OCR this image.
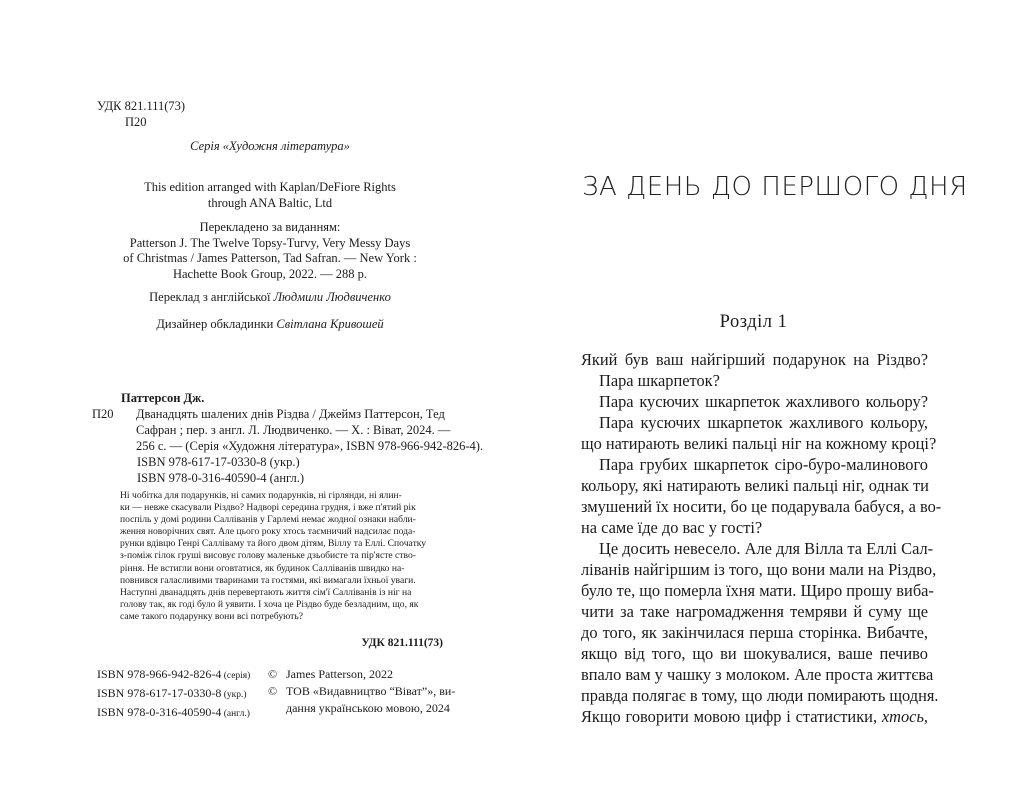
УДК 821.111(73)
П20
Серія «Художня література»
This edition arranged with Kaplan/DeFiore Rights
through ANA Baltic, Ltd
Перекладено за виданням:
Patterson J. The Twelve Topsy-Turvy, Very Messy Days
of Christmas / James Patterson, Tad Safran. — New York :
Hachette Book Group, 2022. — 288 p.
Переклад з англійської Людмили Людвиченко
Дизайнер обкладинки Світлана Кривошей
Паттерсон Дж.
П20	Дванадцять шалених днів Різдва / Джеймз Паттерсон, Тед
Сафран ; пер. з англ. Л. Людвиченко. — Х. : Віват, 2024. —
256 с. — (Серія «Художня література», ISBN 978-966-942-826-4).
ISBN 978-617-17-0330-8 (укр.)
ISBN 978-0-316-40590-4 (англ.)
Ні чобітка для подарунків, ні самих подарунків, ні гірлянди, ні ялин-
ки — невже скасували Різдво? Надворі середина грудня, і вже п'ятий рік
поспіль у домі родини Салліванів у Гарлемі немає жодної ознаки набли-
ження новорічних свят. Але цього року хтось таємничий надсилає пода-
рунки вдівцю Генрі Салліваму та його двом дітям, Віллу та Еллі. Спочатку
з-поміж гілок груші висовує голову маленьке дзьобисте та пір'ясте ство-
ріння. Не встигли вони оговтатися, як будинок Салліванів швидко на-
повнився галасливими тваринами та гостями, які вимагали їхньої уваги.
Наступні дванадцять днів перевертають життя сім'ї Салліванів із ніг на
голову так, як годі було й уявити. І хоча це Різдво буде безладним, що, як
саме такого подарунку вони всі потребують?
УДК 821.111(73)
ISBN 978-966-942-826-4 (серія)
ISBN 978-617-17-0330-8 (укр.)
ISBN 978-0-316-40590-4 (англ.)
© James Patterson, 2022
© ТОВ «Видавництво “Віват”», ви-
дання українською мовою, 2024
ЗА ДЕНЬ ДО ПЕРШОГО ДНЯ
Розділ 1
Який був ваш найгірший подарунок на Різдво?
Пара шкарпеток?
Пара кусючих шкарпеток жахливого кольору?
Пара кусючих шкарпеток жахливого кольору,
що натирають великі пальці ніг на кожному кроці?
Пара грубих шкарпеток сіро-буро-малинового
кольору, які натирають великі пальці ніг, однак ти
змушений їх носити, бо це подарувала бабуся, а во-
на саме їде до вас у гості?
Це досить невесело. Але для Вілла та Еллі Сал-
ліванів найгіршим із того, що вони мали на Різдво,
було те, що померла їхня мати. Щиро прошу виба-
чити за таке нагромадження темряви й суму ще
до того, як закінчилася перша сторінка. Вибачте,
якщо від того, що ви шокувалися, ваше печиво
впало вам у чашку з молоком. Але проста життєва
правда полягає в тому, що люди помирають щодня.
Якщо говорити мовою цифр і статистики, хтось,
